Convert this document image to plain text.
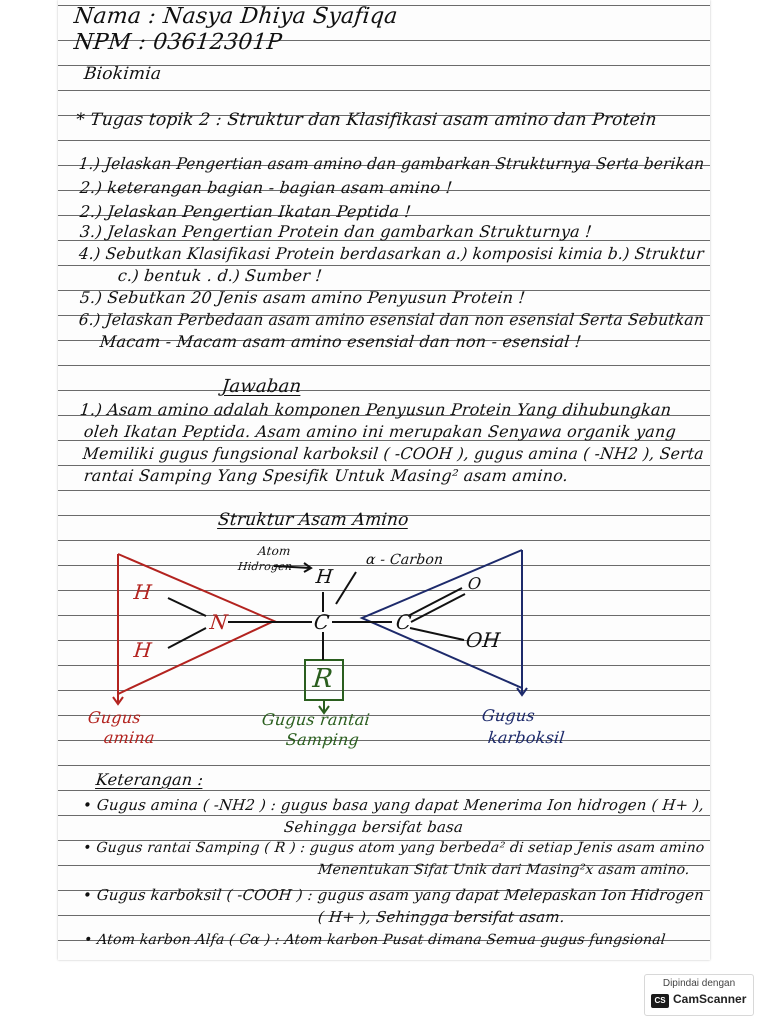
Nama : Nasya Dhiya Syafiqa
NPM : 03612301P
Biokimia
* Tugas topik 2 : Struktur dan Klasifikasi asam amino dan Protein
1.) Jelaskan Pengertian asam amino dan gambarkan Strukturnya Serta berikan
2.) keterangan bagian - bagian asam amino !
2.) Jelaskan Pengertian Ikatan Peptida !
3.) Jelaskan Pengertian Protein dan gambarkan Strukturnya !
4.) Sebutkan Klasifikasi Protein berdasarkan a.) komposisi kimia b.) Struktur
c.) bentuk . d.) Sumber !
5.) Sebutkan 20 Jenis asam amino Penyusun Protein !
6.) Jelaskan Perbedaan asam amino esensial dan non esensial Serta Sebutkan
Macam - Macam asam amino esensial dan non - esensial !
Jawaban
1.) Asam amino adalah komponen Penyusun Protein Yang dihubungkan
oleh Ikatan Peptida. Asam amino ini merupakan Senyawa organik yang
Memiliki gugus fungsional karboksil ( -COOH ), gugus amina ( -NH2 ), Serta
rantai Samping Yang Spesifik Untuk Masing² asam amino.
Struktur Asam Amino
Atom
Hidrogen	α - Carbon
H
H
H
N	C	C
O
OH
R
Gugus
amina
Gugus rantai
Samping
Gugus
karboksil
Keterangan :
• Gugus amina ( -NH2 ) : gugus basa yang dapat Menerima Ion hidrogen ( H+ ),
Sehingga bersifat basa
• Gugus rantai Samping ( R ) : gugus atom yang berbeda² di setiap Jenis asam amino
Menentukan Sifat Unik dari Masing²x asam amino.
• Gugus karboksil ( -COOH ) : gugus asam yang dapat Melepaskan Ion Hidrogen
( H+ ), Sehingga bersifat asam.
• Atom karbon Alfa ( Cα ) : Atom karbon Pusat dimana Semua gugus fungsional
Dipindai dengan
CS CamScanner
